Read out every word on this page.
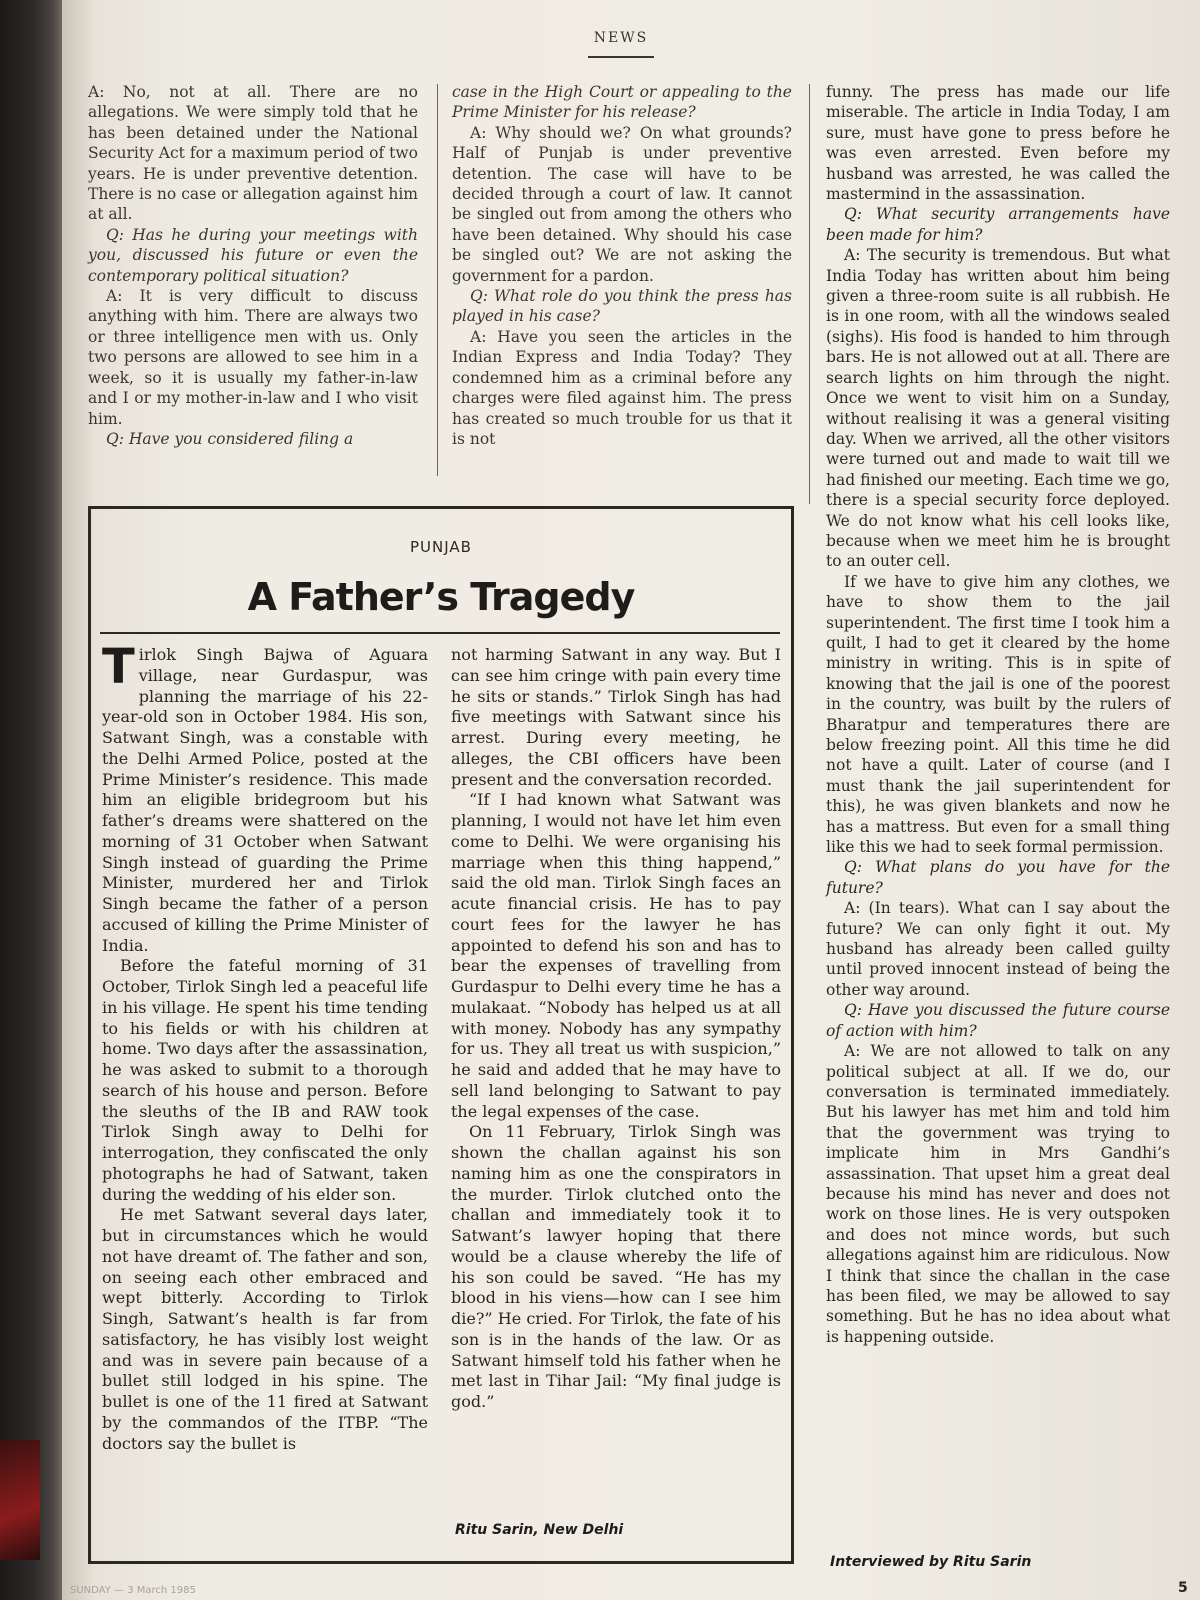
NEWS

A: No, not at all. There are no allegations. We were simply told that he has been detained under the National Security Act for a maximum period of two years. He is under preventive detention. There is no case or allegation against him at all.

Q: Has he during your meetings with you, discussed his future or even the contemporary political situation?

A: It is very difficult to discuss anything with him. There are always two or three intelligence men with us. Only two persons are allowed to see him in a week, so it is usually my father-in-law and I or my mother-in-law and I who visit him.

Q: Have you considered filing a

case in the High Court or appealing to the Prime Minister for his release?

A: Why should we? On what grounds? Half of Punjab is under preventive detention. The case will have to be decided through a court of law. It cannot be singled out from among the others who have been detained. Why should his case be singled out? We are not asking the government for a pardon.

Q: What role do you think the press has played in his case?

A: Have you seen the articles in the Indian Express and India Today? They condemned him as a criminal before any charges were filed against him. The press has created so much trouble for us that it is not

funny. The press has made our life miserable. The article in India Today, I am sure, must have gone to press before he was even arrested. Even before my husband was arrested, he was called the mastermind in the assassination.

Q: What security arrangements have been made for him?

A: The security is tremendous. But what India Today has written about him being given a three-room suite is all rubbish. He is in one room, with all the windows sealed (sighs). His food is handed to him through bars. He is not allowed out at all. There are search lights on him through the night. Once we went to visit him on a Sunday, without realising it was a general visiting day. When we arrived, all the other visitors were turned out and made to wait till we had finished our meeting. Each time we go, there is a special security force deployed. We do not know what his cell looks like, because when we meet him he is brought to an outer cell.

If we have to give him any clothes, we have to show them to the jail superintendent. The first time I took him a quilt, I had to get it cleared by the home ministry in writing. This is in spite of knowing that the jail is one of the poorest in the country, was built by the rulers of Bharatpur and temperatures there are below freezing point. All this time he did not have a quilt. Later of course (and I must thank the jail superintendent for this), he was given blankets and now he has a mattress. But even for a small thing like this we had to seek formal permission.

Q: What plans do you have for the future?

A: (In tears). What can I say about the future? We can only fight it out. My husband has already been called guilty until proved innocent instead of being the other way around.

Q: Have you discussed the future course of action with him?

A: We are not allowed to talk on any political subject at all. If we do, our conversation is terminated immediately. But his lawyer has met him and told him that the government was trying to implicate him in Mrs Gandhi’s assassination. That upset him a great deal because his mind has never and does not work on those lines. He is very outspoken and does not mince words, but such allegations against him are ridiculous. Now I think that since the challan in the case has been filed, we may be allowed to say something. But he has no idea about what is happening outside.

PUNJAB
A Father’s Tragedy

Tirlok Singh Bajwa of Aguara village, near Gurdaspur, was planning the marriage of his 22-year-old son in October 1984. His son, Satwant Singh, was a constable with the Delhi Armed Police, posted at the Prime Minister’s residence. This made him an eligible bridegroom but his father’s dreams were shattered on the morning of 31 October when Satwant Singh instead of guarding the Prime Minister, murdered her and Tirlok Singh became the father of a person accused of killing the Prime Minister of India.

Before the fateful morning of 31 October, Tirlok Singh led a peaceful life in his village. He spent his time tending to his fields or with his children at home. Two days after the assassination, he was asked to submit to a thorough search of his house and person. Before the sleuths of the IB and RAW took Tirlok Singh away to Delhi for interrogation, they confiscated the only photographs he had of Satwant, taken during the wedding of his elder son.

He met Satwant several days later, but in circumstances which he would not have dreamt of. The father and son, on seeing each other embraced and wept bitterly. According to Tirlok Singh, Satwant’s health is far from satisfactory, he has visibly lost weight and was in severe pain because of a bullet still lodged in his spine. The bullet is one of the 11 fired at Satwant by the commandos of the ITBP. “The doctors say the bullet is

not harming Satwant in any way. But I can see him cringe with pain every time he sits or stands.” Tirlok Singh has had five meetings with Satwant since his arrest. During every meeting, he alleges, the CBI officers have been present and the conversation recorded.

“If I had known what Satwant was planning, I would not have let him even come to Delhi. We were organising his marriage when this thing happend,” said the old man. Tirlok Singh faces an acute financial crisis. He has to pay court fees for the lawyer he has appointed to defend his son and has to bear the expenses of travelling from Gurdaspur to Delhi every time he has a mulakaat. “Nobody has helped us at all with money. Nobody has any sympathy for us. They all treat us with suspicion,” he said and added that he may have to sell land belonging to Satwant to pay the legal expenses of the case.

On 11 February, Tirlok Singh was shown the challan against his son naming him as one the conspirators in the murder. Tirlok clutched onto the challan and immediately took it to Satwant’s lawyer hoping that there would be a clause whereby the life of his son could be saved. “He has my blood in his viens—how can I see him die?” He cried. For Tirlok, the fate of his son is in the hands of the law. Or as Satwant himself told his father when he met last in Tihar Jail: “My final judge is god.”

Ritu Sarin, New Delhi
Interviewed by Ritu Sarin
SUNDAY — 3 March 1985	5
